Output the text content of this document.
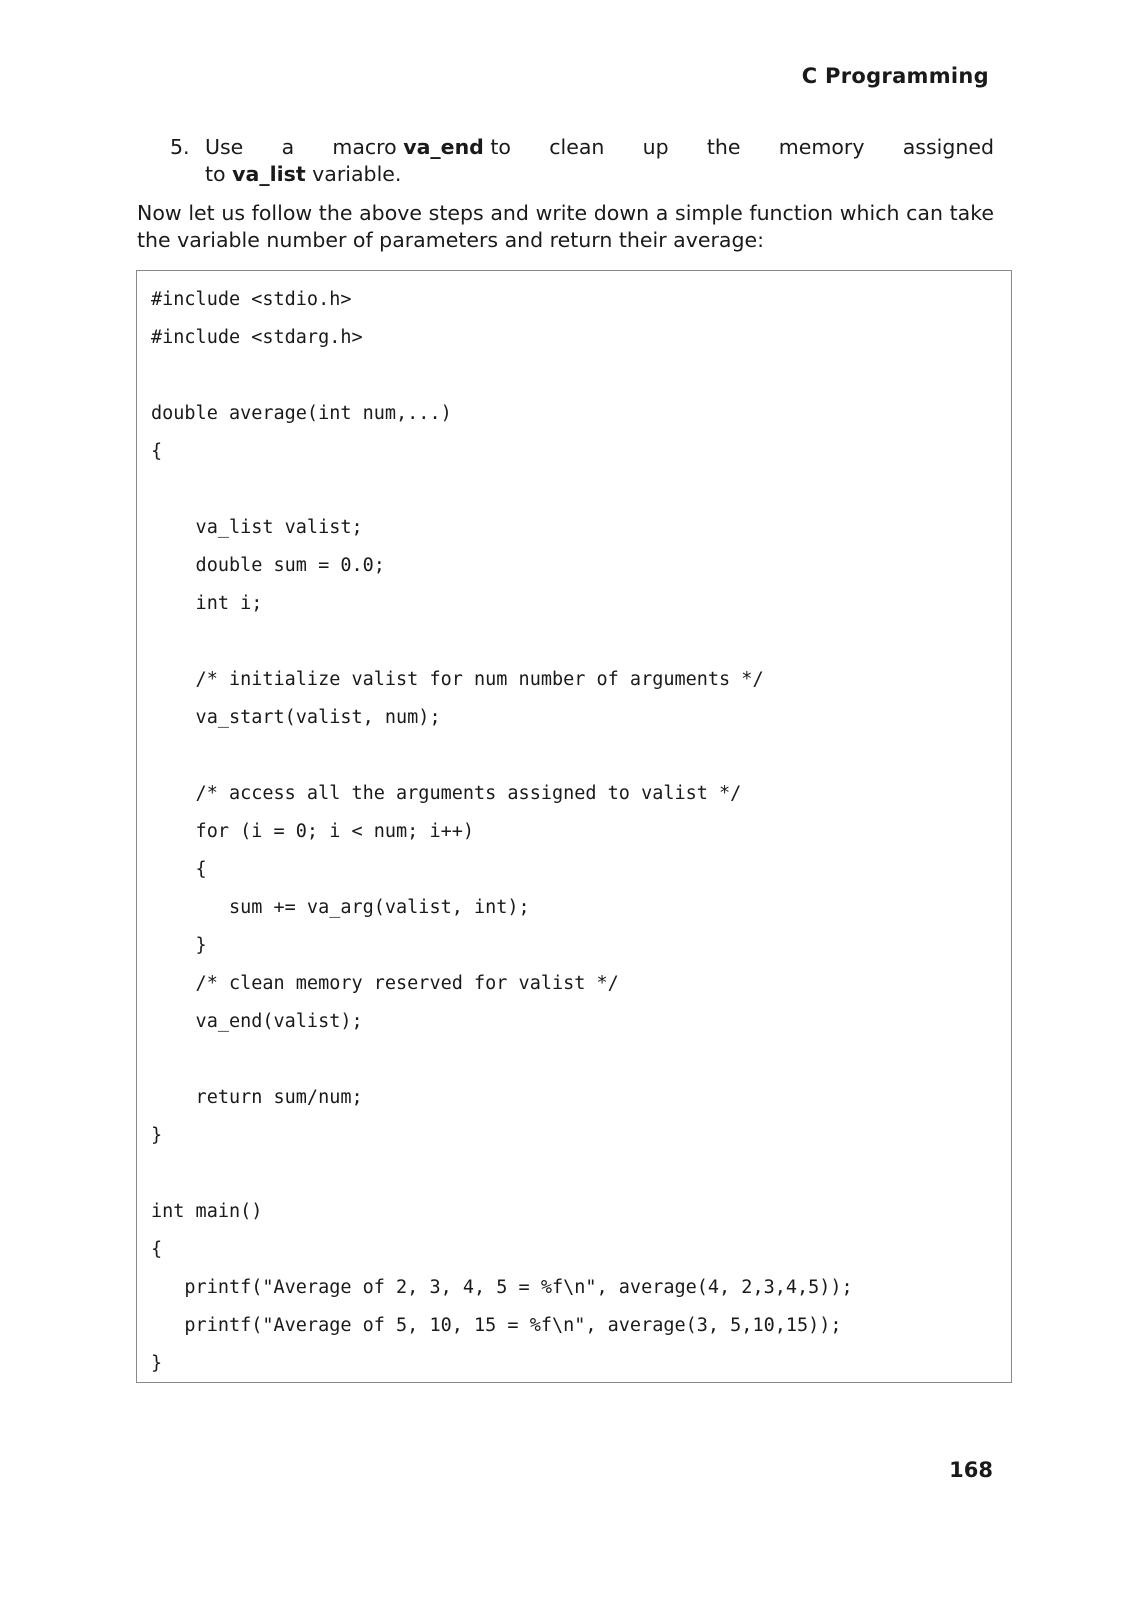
C Programming
5. Use a macro va_end to clean up the memory assigned
to va_list variable.
Now let us follow the above steps and write down a simple function which can take the variable number of parameters and return their average:
#include <stdio.h>
#include <stdarg.h>

double average(int num,...)
{

va_list valist;
double sum = 0.0;
int i;

/* initialize valist for num number of arguments */
va_start(valist, num);

/* access all the arguments assigned to valist */
for (i = 0; i < num; i++)
{
sum += va_arg(valist, int);
}
/* clean memory reserved for valist */
va_end(valist);

return sum/num;
}

int main()
{
printf("Average of 2, 3, 4, 5 = %f\n", average(4, 2,3,4,5));
printf("Average of 5, 10, 15 = %f\n", average(3, 5,10,15));
}
168
